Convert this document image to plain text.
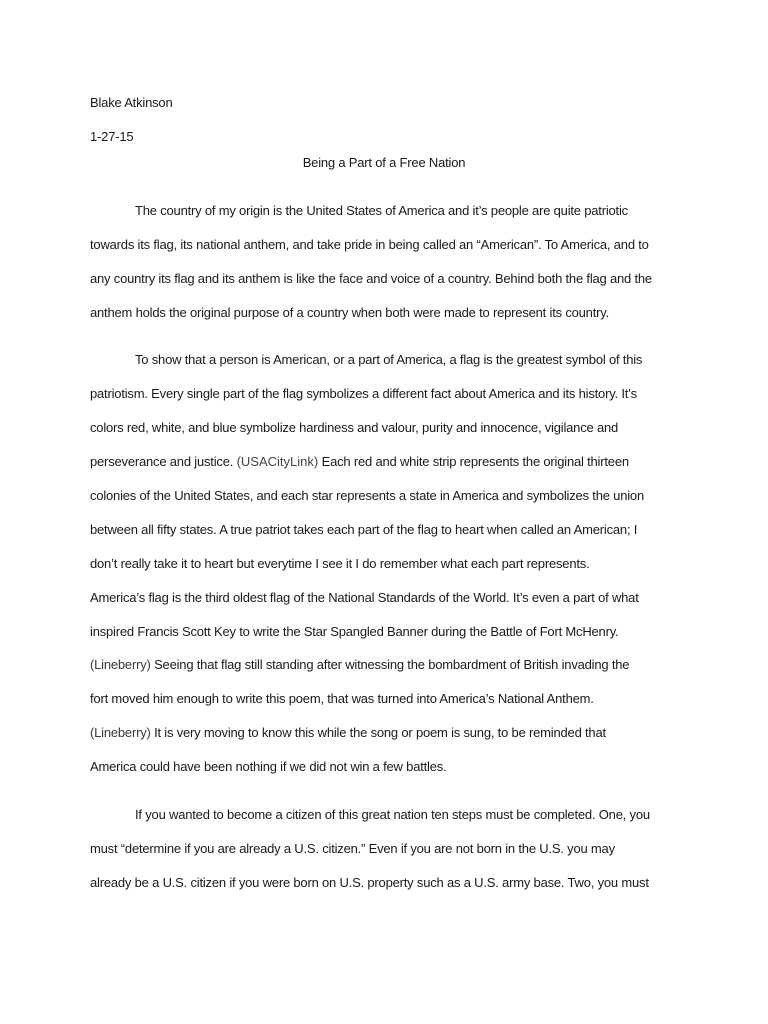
Blake Atkinson

1-27-15

Being a Part of a Free Nation

The country of my origin is the United States of America and it’s people are quite patriotic

towards its flag, its national anthem, and take pride in being called an “American”. To America, and to

any country its flag and its anthem is like the face and voice of a country. Behind both the flag and the

anthem holds the original purpose of a country when both were made to represent its country.

To show that a person is American, or a part of America, a flag is the greatest symbol of this

patriotism. Every single part of the flag symbolizes a different fact about America and its history. It’s

colors red, white, and blue symbolize hardiness and valour, purity and innocence, vigilance and

perseverance and justice. (USACityLink) Each red and white strip represents the original thirteen

colonies of the United States, and each star represents a state in America and symbolizes the union

between all fifty states. A true patriot takes each part of the flag to heart when called an American; I

don’t really take it to heart but everytime I see it I do remember what each part represents.

America’s flag is the third oldest flag of the National Standards of the World. It’s even a part of what

inspired Francis Scott Key to write the Star Spangled Banner during the Battle of Fort McHenry.

(Lineberry) Seeing that flag still standing after witnessing the bombardment of British invading the

fort moved him enough to write this poem, that was turned into America’s National Anthem.

(Lineberry) It is very moving to know this while the song or poem is sung, to be reminded that

America could have been nothing if we did not win a few battles.

If you wanted to become a citizen of this great nation ten steps must be completed. One, you

must “determine if you are already a U.S. citizen.” Even if you are not born in the U.S. you may

already be a U.S. citizen if you were born on U.S. property such as a U.S. army base. Two, you must
